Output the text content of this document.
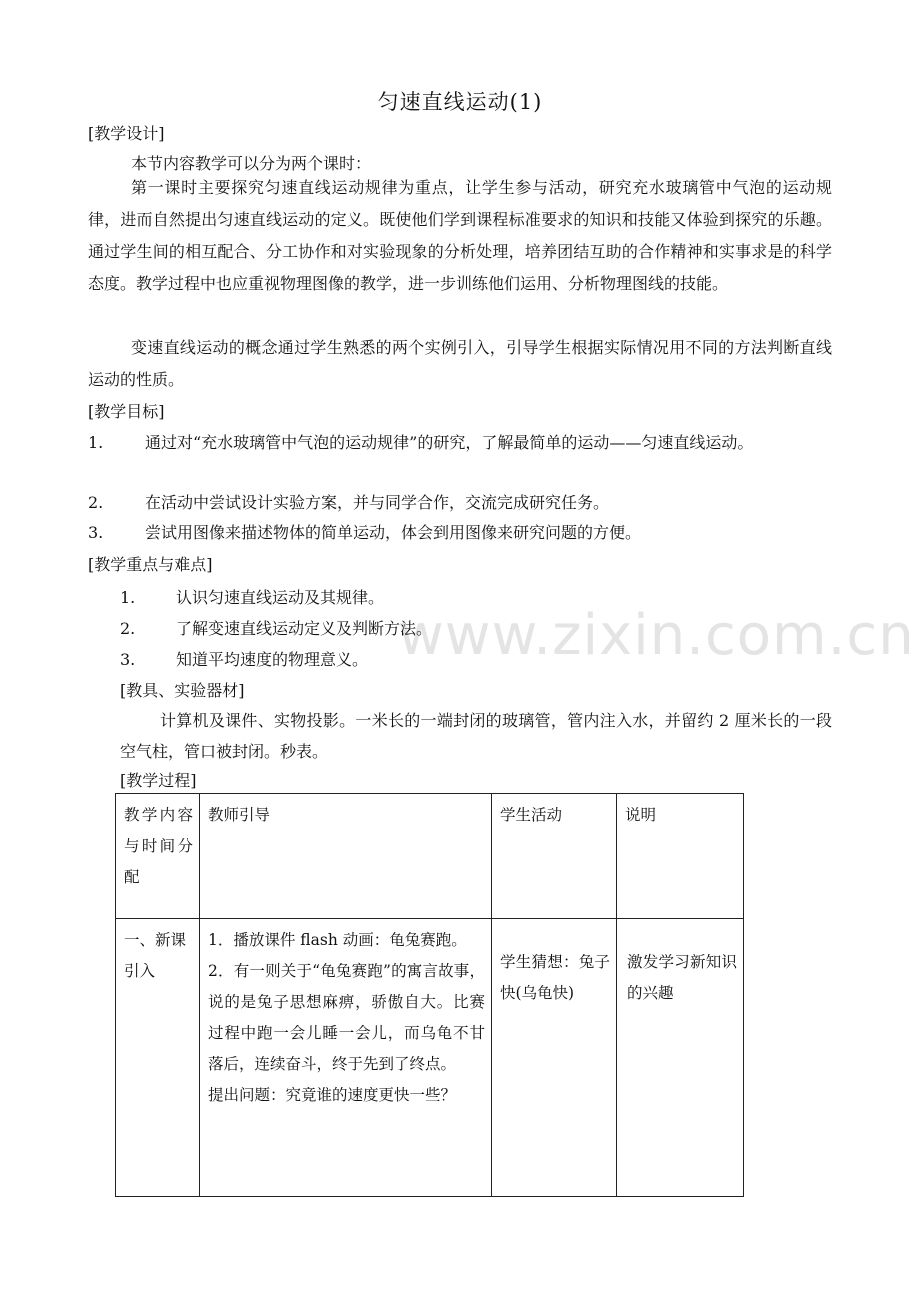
www.zixin.com.cn
匀速直线运动(1)
[教学设计]
本节内容教学可以分为两个课时：
第一课时主要探究匀速直线运动规律为重点，让学生参与活动，研究充水玻璃管中气泡的运动规律，进而自然提出匀速直线运动的定义。既使他们学到课程标准要求的知识和技能又体验到探究的乐趣。通过学生间的相互配合、分工协作和对实验现象的分析处理，培养团结互助的合作精神和实事求是的科学态度。教学过程中也应重视物理图像的教学，进一步训练他们运用、分析物理图线的技能。
变速直线运动的概念通过学生熟悉的两个实例引入，引导学生根据实际情况用不同的方法判断直线运动的性质。
[教学目标]
1.	通过对“充水玻璃管中气泡的运动规律”的研究，了解最简单的运动——匀速直线运动。
2.	在活动中尝试设计实验方案，并与同学合作，交流完成研究任务。
3.	尝试用图像来描述物体的简单运动，体会到用图像来研究问题的方便。
[教学重点与难点]
1.	认识匀速直线运动及其规律。
2.	了解变速直线运动定义及判断方法。
3.	知道平均速度的物理意义。
[教具、实验器材]
计算机及课件、实物投影。一米长的一端封闭的玻璃管，管内注入水，并留约 2 厘米长的一段空气柱，管口被封闭。秒表。
[教学过程]
教学内容与时间分配	教师引导	学生活动	说明
一、新课引入	1．播放课件 flash 动画：龟兔赛跑。
2．有一则关于“龟兔赛跑”的寓言故事，说的是兔子思想麻痹，骄傲自大。比赛过程中跑一会儿睡一会儿，而乌龟不甘落后，连续奋斗，终于先到了终点。
提出问题：究竟谁的速度更快一些？	学生猜想：兔子快(乌龟快)	激发学习新知识的兴趣
